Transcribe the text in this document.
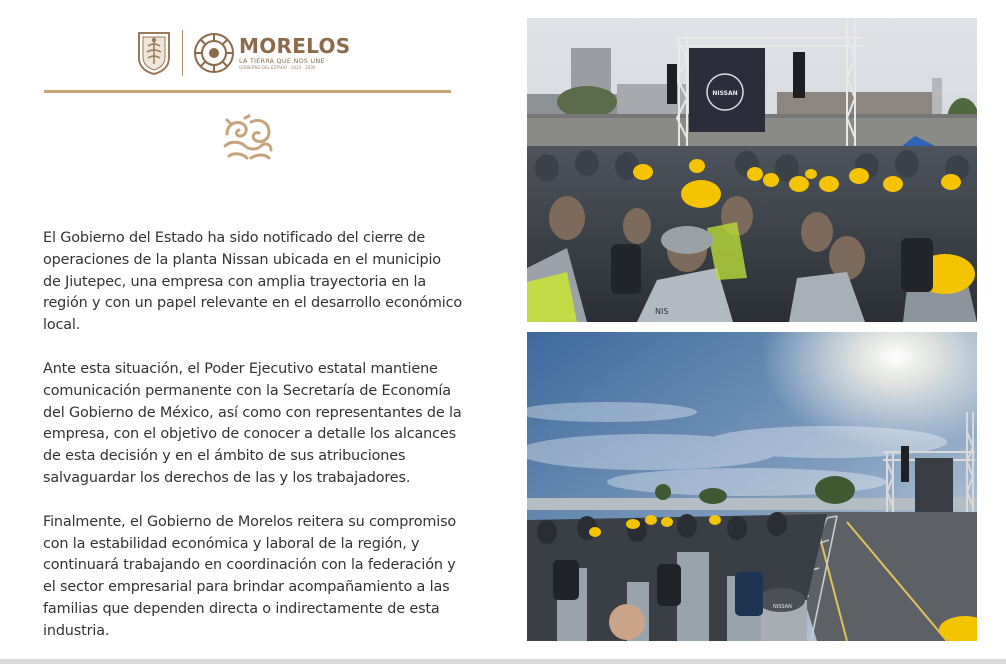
MORELOS
LA TIERRA QUE NOS UNE
GOBIERNO DEL ESTADO · 2024 - 2030

El Gobierno del Estado ha sido notificado del cierre de operaciones de la planta Nissan ubicada en el municipio de Jiutepec, una empresa con amplia trayectoria en la región y con un papel relevante en el desarrollo económico local.

Ante esta situación, el Poder Ejecutivo estatal mantiene comunicación permanente con la Secretaría de Economía del Gobierno de México, así como con representantes de la empresa, con el objetivo de conocer a detalle los alcances de esta decisión y en el ámbito de sus atribuciones salvaguardar los derechos de las y los trabajadores.

Finalmente, el Gobierno de Morelos reitera su compromiso con la estabilidad económica y laboral de la región, y continuará trabajando en coordinación con la federación y el sector empresarial para brindar acompañamiento a las familias que dependen directa o indirectamente de esta industria.

NISSAN
NIS
NISSAN
